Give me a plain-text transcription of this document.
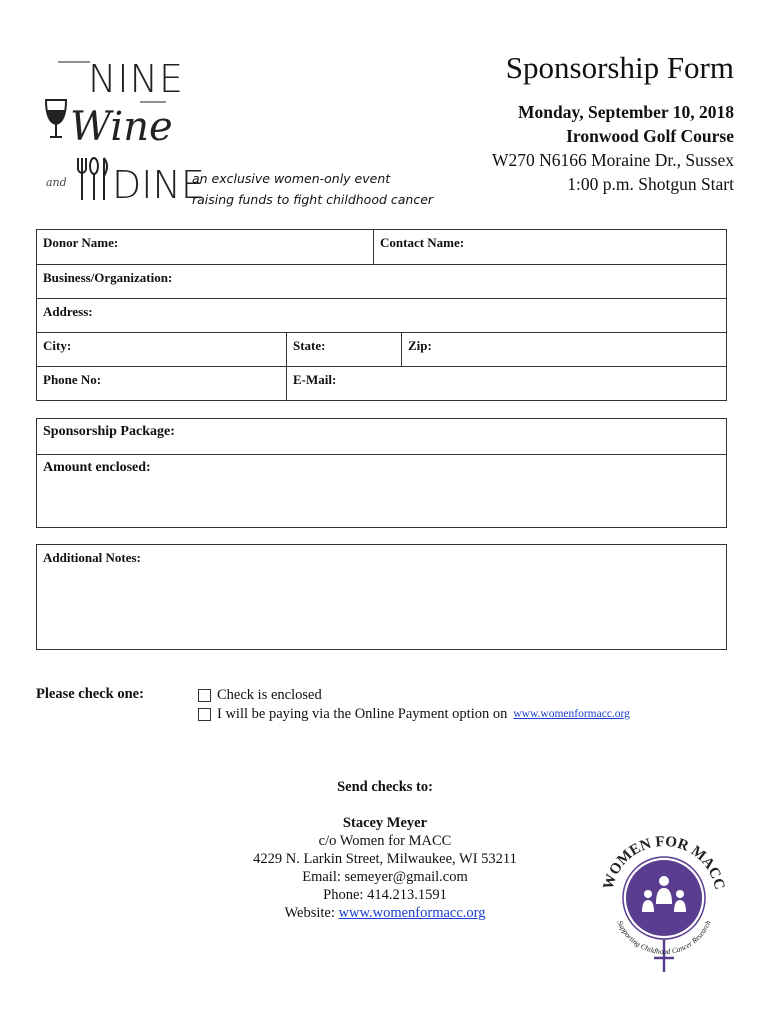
NINE
Wine
and DINE
an exclusive women-only event
raising funds to fight childhood cancer
Sponsorship Form
Monday, September 10, 2018
Ironwood Golf Course
W270 N6166 Moraine Dr., Sussex
1:00 p.m. Shotgun Start
Donor Name:	Contact Name:
Business/Organization:
Address:
City:	State:	Zip:
Phone No:	E-Mail:
Sponsorship Package:
Amount enclosed:
Additional Notes:
Please check one:	Check is enclosed
I will be paying via the Online Payment option on www.womenformacc.org
Send checks to:
Stacey Meyer
c/o Women for MACC
4229 N. Larkin Street, Milwaukee, WI 53211
Email: semeyer@gmail.com
Phone: 414.213.1591
Website: www.womenformacc.org
WOMEN FOR MACC
Supporting Childhood Cancer Research
